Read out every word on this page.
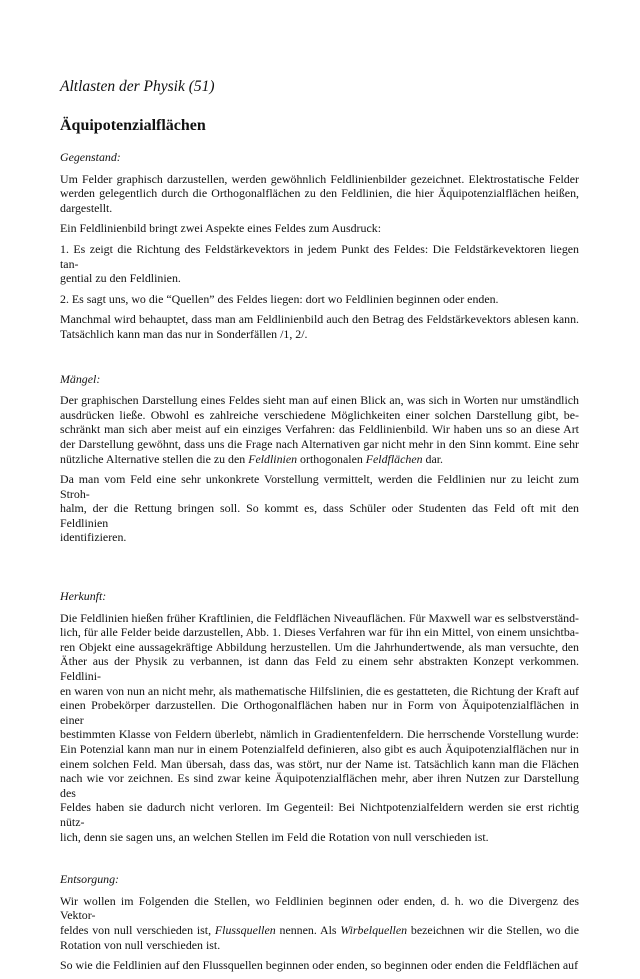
Altlasten der Physik (51)
Äquipotenzialflächen
Gegenstand:
Um Felder graphisch darzustellen, werden gewöhnlich Feldlinienbilder gezeichnet. Elektrostatische Felder
werden gelegentlich durch die Orthogonalflächen zu den Feldlinien, die hier Äquipotenzialflächen heißen,
dargestellt.
Ein Feldlinienbild bringt zwei Aspekte eines Feldes zum Ausdruck:
1. Es zeigt die Richtung des Feldstärkevektors in jedem Punkt des Feldes: Die Feldstärkevektoren liegen tan-
gential zu den Feldlinien.
2. Es sagt uns, wo die “Quellen” des Feldes liegen: dort wo Feldlinien beginnen oder enden.
Manchmal wird behauptet, dass man am Feldlinienbild auch den Betrag des Feldstärkevektors ablesen kann.
Tatsächlich kann man das nur in Sonderfällen /1, 2/.
Mängel:
Der graphischen Darstellung eines Feldes sieht man auf einen Blick an, was sich in Worten nur umständlich
ausdrücken ließe. Obwohl es zahlreiche verschiedene Möglichkeiten einer solchen Darstellung gibt, be-
schränkt man sich aber meist auf ein einziges Verfahren: das Feldlinienbild. Wir haben uns so an diese Art
der Darstellung gewöhnt, dass uns die Frage nach Alternativen gar nicht mehr in den Sinn kommt. Eine sehr
nützliche Alternative stellen die zu den Feldlinien orthogonalen Feldflächen dar.
Da man vom Feld eine sehr unkonkrete Vorstellung vermittelt, werden die Feldlinien nur zu leicht zum Stroh-
halm, der die Rettung bringen soll. So kommt es, dass Schüler oder Studenten das Feld oft mit den Feldlinien
identifizieren.
Herkunft:
Die Feldlinien hießen früher Kraftlinien, die Feldflächen Niveauflächen. Für Maxwell war es selbstverständ-
lich, für alle Felder beide darzustellen, Abb. 1. Dieses Verfahren war für ihn ein Mittel, von einem unsichtba-
ren Objekt eine aussagekräftige Abbildung herzustellen. Um die Jahrhundertwende, als man versuchte, den
Äther aus der Physik zu verbannen, ist dann das Feld zu einem sehr abstrakten Konzept verkommen. Feldlini-
en waren von nun an nicht mehr, als mathematische Hilfslinien, die es gestatteten, die Richtung der Kraft auf
einen Probekörper darzustellen. Die Orthogonalflächen haben nur in Form von Äquipotenzialflächen in einer
bestimmten Klasse von Feldern überlebt, nämlich in Gradientenfeldern. Die herrschende Vorstellung wurde:
Ein Potenzial kann man nur in einem Potenzialfeld definieren, also gibt es auch Äquipotenzialflächen nur in
einem solchen Feld. Man übersah, dass das, was stört, nur der Name ist. Tatsächlich kann man die Flächen
nach wie vor zeichnen. Es sind zwar keine Äquipotenzialflächen mehr, aber ihren Nutzen zur Darstellung des
Feldes haben sie dadurch nicht verloren. Im Gegenteil: Bei Nichtpotenzialfeldern werden sie erst richtig nütz-
lich, denn sie sagen uns, an welchen Stellen im Feld die Rotation von null verschieden ist.
Entsorgung:
Wir wollen im Folgenden die Stellen, wo Feldlinien beginnen oder enden, d. h. wo die Divergenz des Vektor-
feldes von null verschieden ist, Flussquellen nennen. Als Wirbelquellen bezeichnen wir die Stellen, wo die
Rotation von null verschieden ist.
So wie die Feldlinien auf den Flussquellen beginnen oder enden, so beginnen oder enden die Feldflächen auf
